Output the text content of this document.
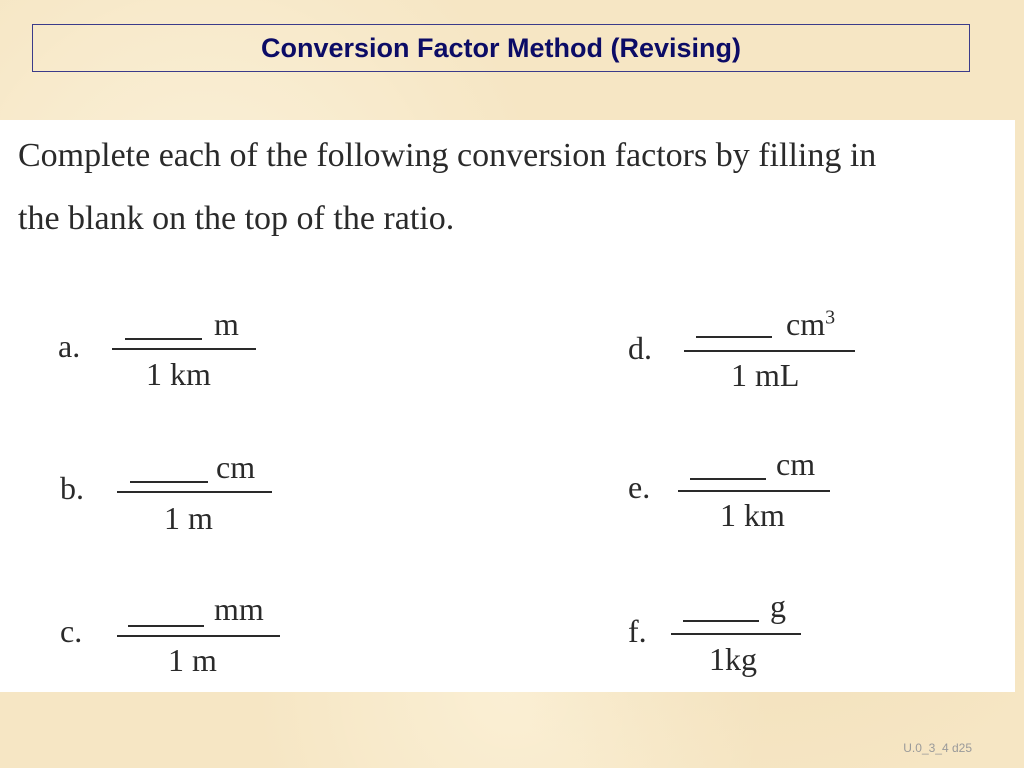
Conversion Factor Method (Revising)
Complete each of the following conversion factors by filling in
the blank on the top of the ratio.
a.
m
1 km
b.
cm
1 m
c.
mm
1 m
d.
$cm^3$
1 mL
e.
cm
1 km
f.
g
1kg
U.0_3_4 d25
